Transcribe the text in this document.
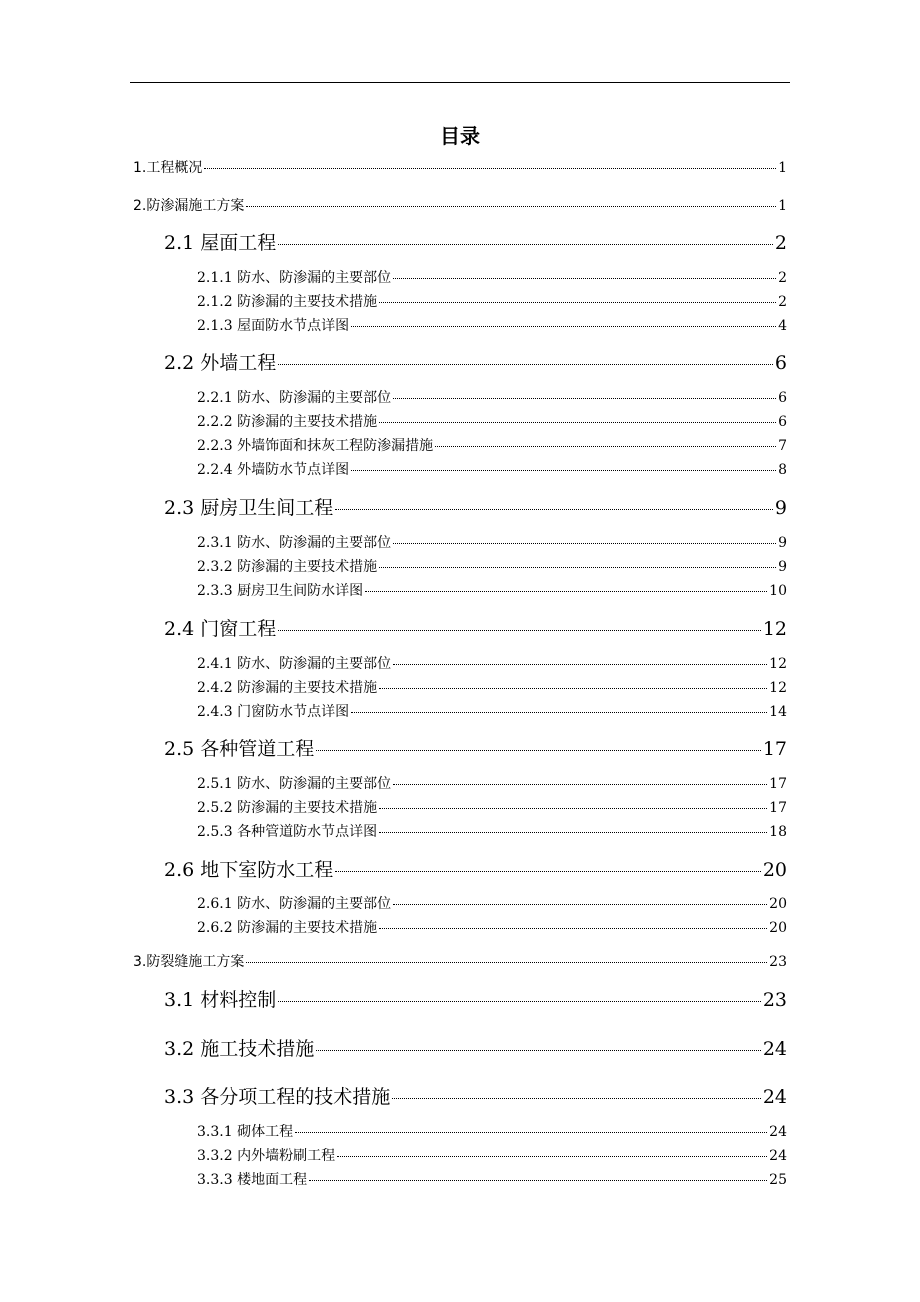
目录
1.工程概况	1
2.防渗漏施工方案	1
2.1 屋面工程	2
2.1.1 防水、防渗漏的主要部位	2
2.1.2 防渗漏的主要技术措施	2
2.1.3 屋面防水节点详图	4
2.2 外墙工程	6
2.2.1 防水、防渗漏的主要部位	6
2.2.2 防渗漏的主要技术措施	6
2.2.3 外墙饰面和抹灰工程防渗漏措施	7
2.2.4 外墙防水节点详图	8
2.3 厨房卫生间工程	9
2.3.1 防水、防渗漏的主要部位	9
2.3.2 防渗漏的主要技术措施	9
2.3.3 厨房卫生间防水详图	10
2.4 门窗工程	12
2.4.1 防水、防渗漏的主要部位	12
2.4.2 防渗漏的主要技术措施	12
2.4.3 门窗防水节点详图	14
2.5 各种管道工程	17
2.5.1 防水、防渗漏的主要部位	17
2.5.2 防渗漏的主要技术措施	17
2.5.3 各种管道防水节点详图	18
2.6 地下室防水工程	20
2.6.1 防水、防渗漏的主要部位	20
2.6.2 防渗漏的主要技术措施	20
3.防裂缝施工方案	23
3.1 材料控制	23
3.2 施工技术措施	24
3.3 各分项工程的技术措施	24
3.3.1 砌体工程	24
3.3.2 内外墙粉刷工程	24
3.3.3 楼地面工程	25
